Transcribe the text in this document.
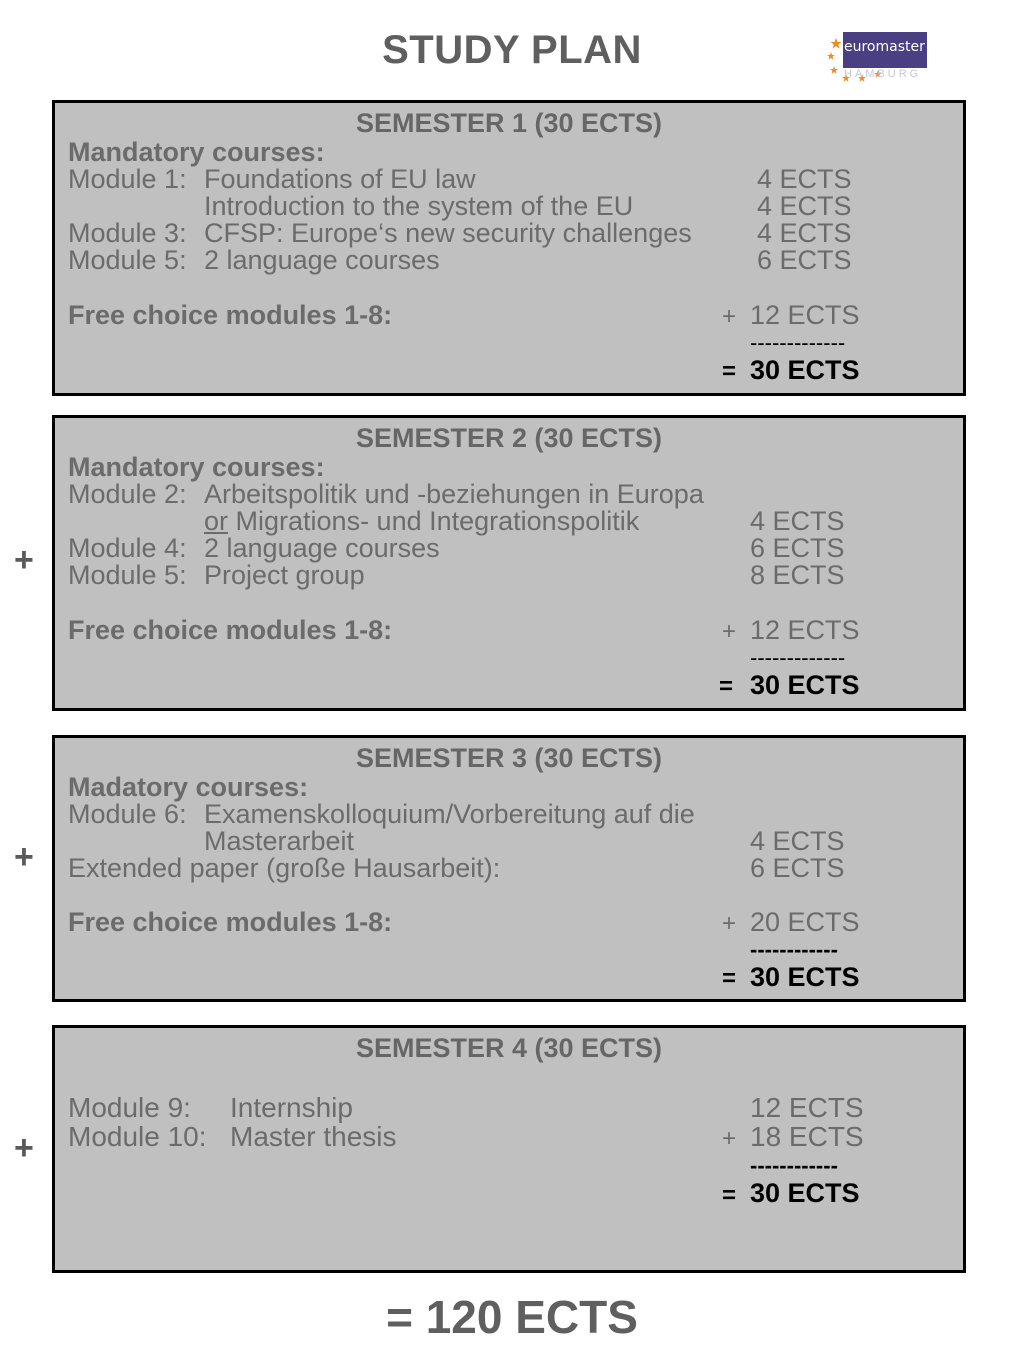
STUDY PLAN	euromaster
HAMBURG
SEMESTER 1 (30 ECTS)
Mandatory courses:
Module 1: Foundations of EU law	4 ECTS
Introduction to the system of the EU	4 ECTS
Module 3: CFSP: Europe‘s new security challenges 4 ECTS
Module 5: 2 language courses	6 ECTS
Free choice modules 1-8:	+ 12 ECTS
-------------
= 30 ECTS
+
SEMESTER 2 (30 ECTS)
Mandatory courses:
Module 2: Arbeitspolitik und -beziehungen in Europa
or Migrations- und Integrationspolitik	4 ECTS
Module 4: 2 language courses	6 ECTS
Module 5: Project group	8 ECTS
Free choice modules 1-8:	+ 12 ECTS
-------------
= 30 ECTS
+
SEMESTER 3 (30 ECTS)
Madatory courses:
Module 6: Examenskolloquium/Vorbereitung auf die
Masterarbeit	4 ECTS
Extended paper (große Hausarbeit):	6 ECTS
Free choice modules 1-8:	+ 20 ECTS
------------
= 30 ECTS
+
SEMESTER 4 (30 ECTS)
Module 9: Internship	12 ECTS
Module 10: Master thesis	+ 18 ECTS
------------
= 30 ECTS
= 120 ECTS
